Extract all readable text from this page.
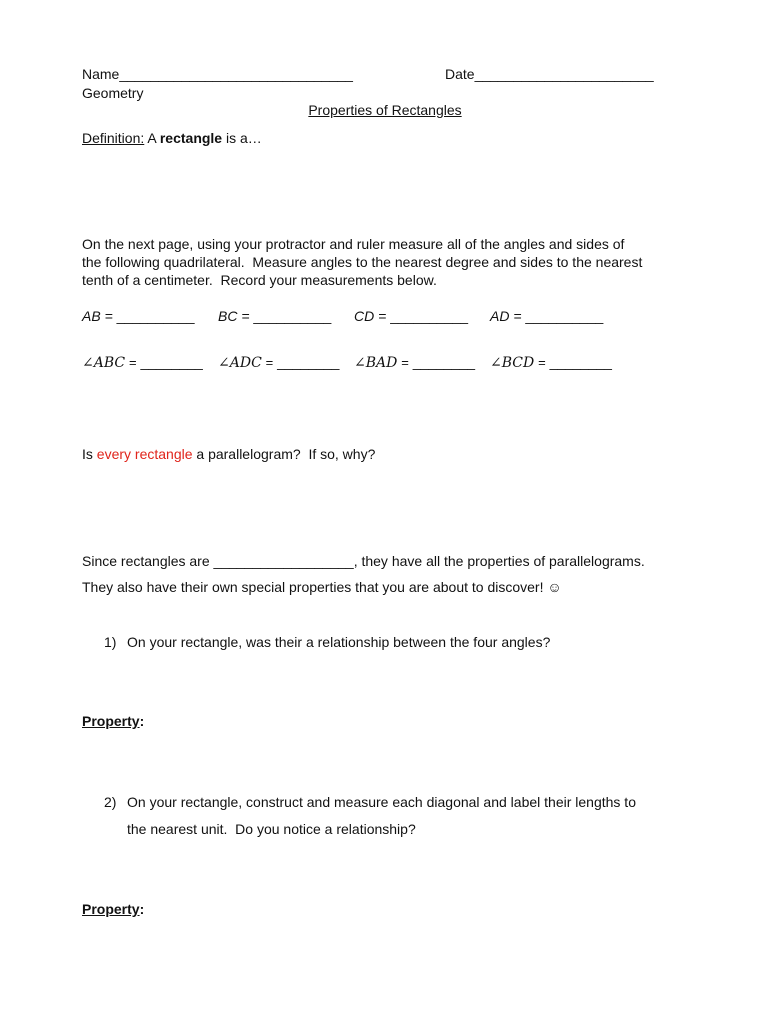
Name______________________________	Date_______________________
Geometry
Properties of Rectangles
Definition: A rectangle is a…
On the next page, using your protractor and ruler measure all of the angles and sides of
the following quadrilateral.  Measure angles to the nearest degree and sides to the nearest
tenth of a centimeter.  Record your measurements below.
AB = __________ BC = __________ CD = __________ AD = __________
∠ABC = ________ ∠ADC = ________ ∠BAD = ________ ∠BCD = ________
Is every rectangle a parallelogram?  If so, why?
Since rectangles are __________________, they have all the properties of parallelograms.
They also have their own special properties that you are about to discover! ☺
1) On your rectangle, was their a relationship between the four angles?
Property:
2) On your rectangle, construct and measure each diagonal and label their lengths to
the nearest unit.  Do you notice a relationship?
Property:
